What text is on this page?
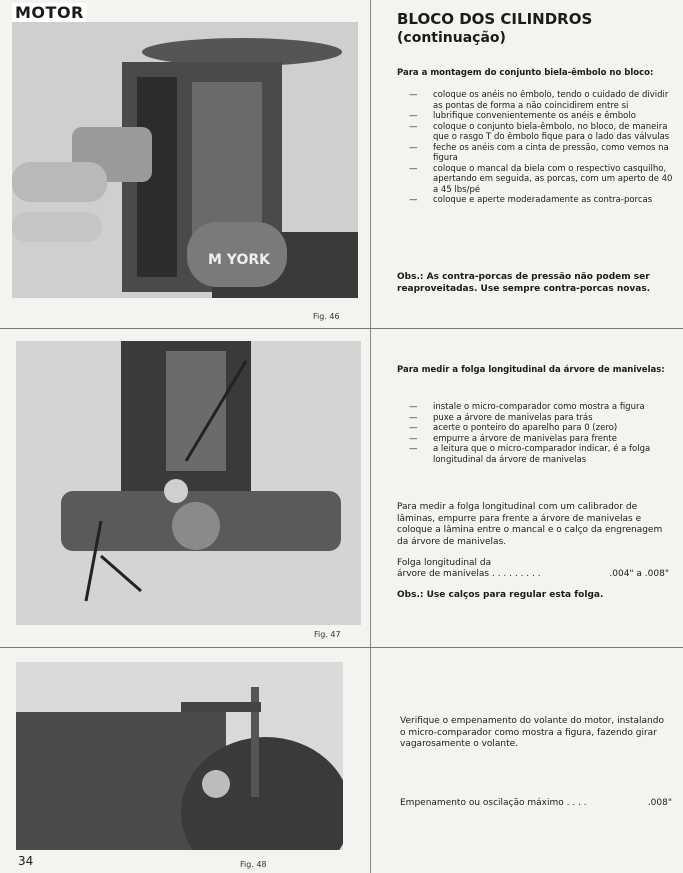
MOTOR	BLOCO DOS CILINDROS
(continuação)
M YORK
Fig. 46
Fig. 47
Fig. 48
Para a montagem do conjunto biela-êmbolo no bloco:
— coloque os anéis no êmbolo, tendo o cuidado de dividir as pontas de forma a não coincidirem entre si
— lubrifique convenientemente os anéis e êmbolo
— coloque o conjunto biela-êmbolo, no bloco, de maneira que o rasgo T do êmbolo fique para o lado das válvulas
— feche os anéis com a cinta de pressão, como vemos na figura
— coloque o mancal da biela com o respectivo casquilho, apertando em seguida, as porcas, com um aperto de 40 a 45 lbs/pé
— coloque e aperte moderadamente as contra-porcas
Obs.: As contra-porcas de pressão não podem ser reaproveitadas. Use sempre contra-porcas novas.
Para medir a folga longitudinal da árvore de manivelas:
— instale o micro-comparador como mostra a figura
— puxe a árvore de manivelas para trás
— acerte o ponteiro do aparelho para 0 (zero)
— empurre a árvore de manivelas para frente
— a leitura que o micro-comparador indicar, é a folga longitudinal da árvore de manivelas
Para medir a folga longitudinal com um calibrador de lâminas, empurre para frente a árvore de manivelas e coloque a lâmina entre o mancal e o calço da engrenagem da árvore de manivelas.
Folga longitudinal da
árvore de manivelas . . . . . . . . .	.004" a .008"
Obs.: Use calços para regular esta folga.
Verifique o empenamento do volante do motor, instalando o micro-comparador como mostra a figura, fazendo girar vagarosamente o volante.
Empenamento ou oscilação máximo . . . .	.008"
34
